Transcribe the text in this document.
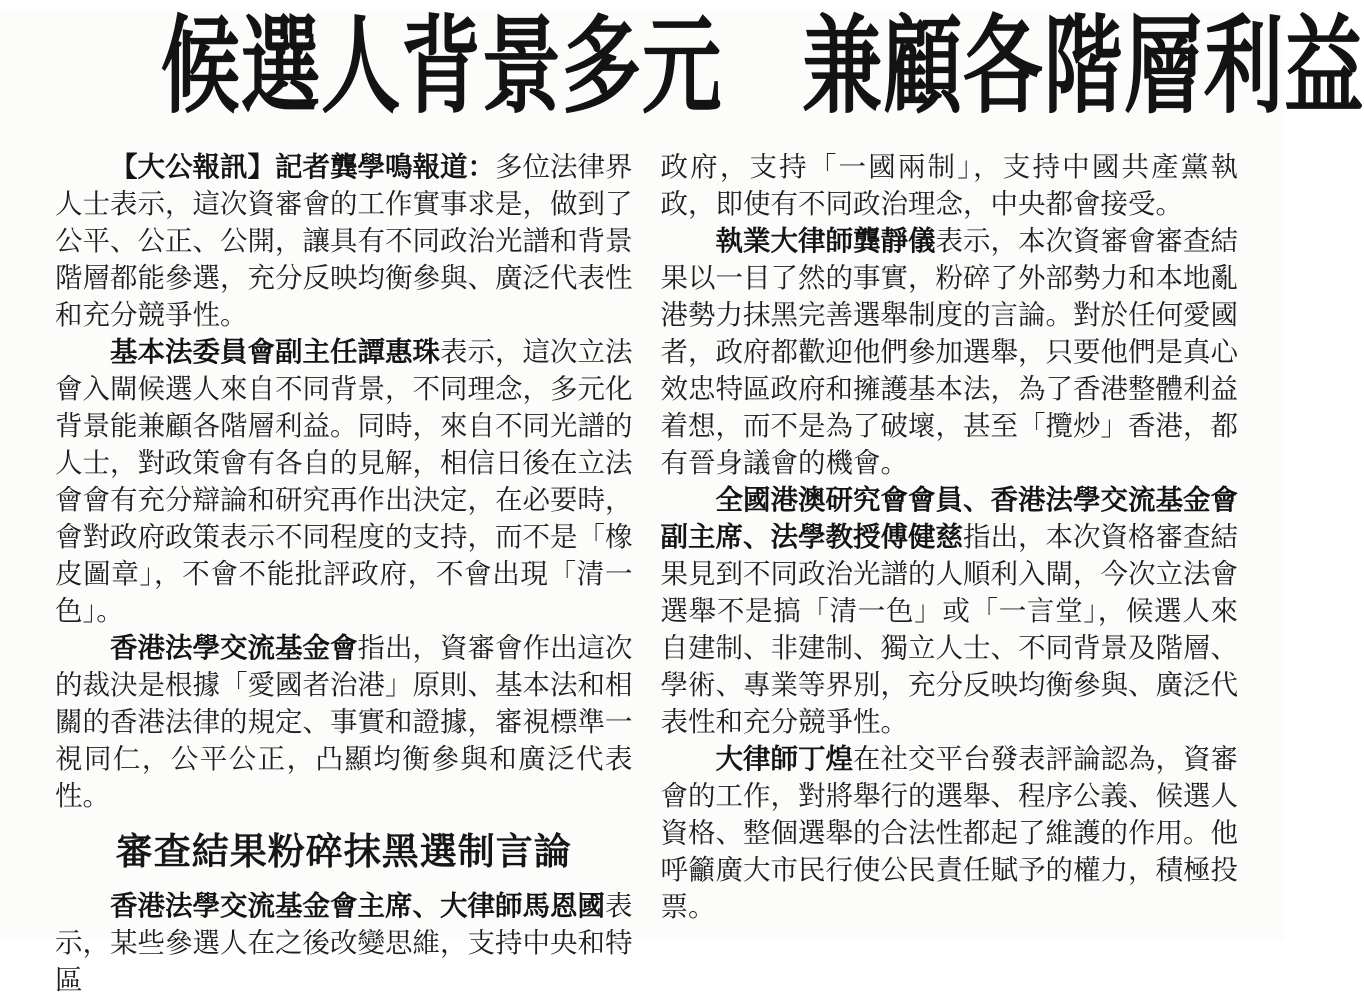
候選人背景多元　兼顧各階層利益

【大公報訊】記者龔學鳴報道：多位法律界人士表示，這次資審會的工作實事求是，做到了公平、公正、公開，讓具有不同政治光譜和背景階層都能參選，充分反映均衡參與、廣泛代表性和充分競爭性。

基本法委員會副主任譚惠珠表示，這次立法會入閘候選人來自不同背景，不同理念，多元化背景能兼顧各階層利益。同時，來自不同光譜的人士，對政策會有各自的見解，相信日後在立法會會有充分辯論和研究再作出決定，在必要時，會對政府政策表示不同程度的支持，而不是「橡皮圖章」，不會不能批評政府，不會出現「清一色」。

香港法學交流基金會指出，資審會作出這次的裁決是根據「愛國者治港」原則、基本法和相關的香港法律的規定、事實和證據，審視標準一視同仁，公平公正，凸顯均衡參與和廣泛代表性。

審查結果粉碎抹黑選制言論

香港法學交流基金會主席、大律師馬恩國表示，某些參選人在之後改變思維，支持中央和特區

政府，支持「一國兩制」，支持中國共產黨執政，即使有不同政治理念，中央都會接受。

執業大律師龔靜儀表示，本次資審會審查結果以一目了然的事實，粉碎了外部勢力和本地亂港勢力抹黑完善選舉制度的言論。對於任何愛國者，政府都歡迎他們參加選舉，只要他們是真心效忠特區政府和擁護基本法，為了香港整體利益着想，而不是為了破壞，甚至「攬炒」香港，都有晉身議會的機會。

全國港澳研究會會員、香港法學交流基金會副主席、法學教授傅健慈指出，本次資格審查結果見到不同政治光譜的人順利入閘，今次立法會選舉不是搞「清一色」或「一言堂」，候選人來自建制、非建制、獨立人士、不同背景及階層、學術、專業等界別，充分反映均衡參與、廣泛代表性和充分競爭性。

大律師丁煌在社交平台發表評論認為，資審會的工作，對將舉行的選舉、程序公義、候選人資格、整個選舉的合法性都起了維護的作用。他呼籲廣大市民行使公民責任賦予的權力，積極投票。
